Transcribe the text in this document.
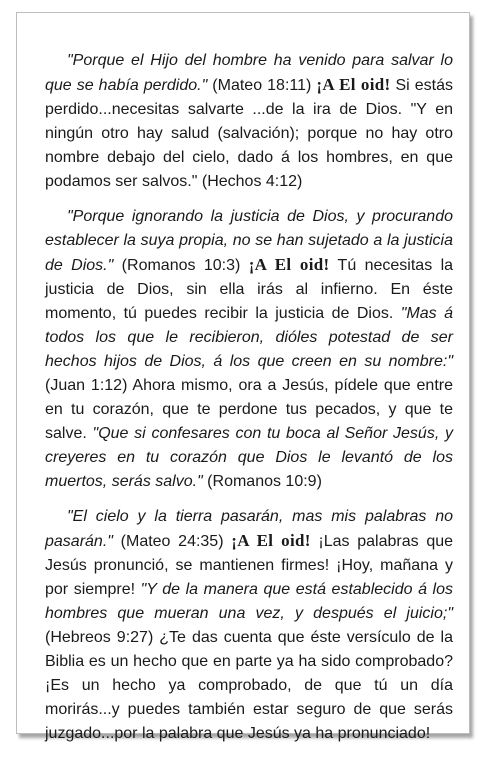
"Porque el Hijo del hombre ha venido para salvar lo que se había perdido." (Mateo 18:11) ¡A El oid! Si estás perdido...necesitas salvarte ...de la ira de Dios. "Y en ningún otro hay salud (salvación); porque no hay otro nombre debajo del cielo, dado á los hombres, en que podamos ser salvos." (Hechos 4:12)

"Porque ignorando la justicia de Dios, y procurando establecer la suya propia, no se han sujetado a la justicia de Dios." (Romanos 10:3) ¡A El oid! Tú necesitas la justicia de Dios, sin ella irás al infierno. En éste momento, tú puedes recibir la justicia de Dios. "Mas á todos los que le recibieron, dióles potestad de ser hechos hijos de Dios, á los que creen en su nombre:" (Juan 1:12) Ahora mismo, ora a Jesús, pídele que entre en tu corazón, que te perdone tus pecados, y que te salve. "Que si confesares con tu boca al Señor Jesús, y creyeres en tu corazón que Dios le levantó de los muertos, serás salvo." (Romanos 10:9)

"El cielo y la tierra pasarán, mas mis palabras no pasarán." (Mateo 24:35) ¡A El oid! ¡Las palabras que Jesús pronunció, se mantienen firmes! ¡Hoy, mañana y por siempre! "Y de la manera que está establecido á los hombres que mueran una vez, y después el juicio;" (Hebreos 9:27) ¿Te das cuenta que éste versículo de la Biblia es un hecho que en parte ya ha sido comprobado? ¡Es un hecho ya comprobado, de que tú un día morirás...y puedes también estar seguro de que serás juzgado...por la palabra que Jesús ya ha pronunciado!
